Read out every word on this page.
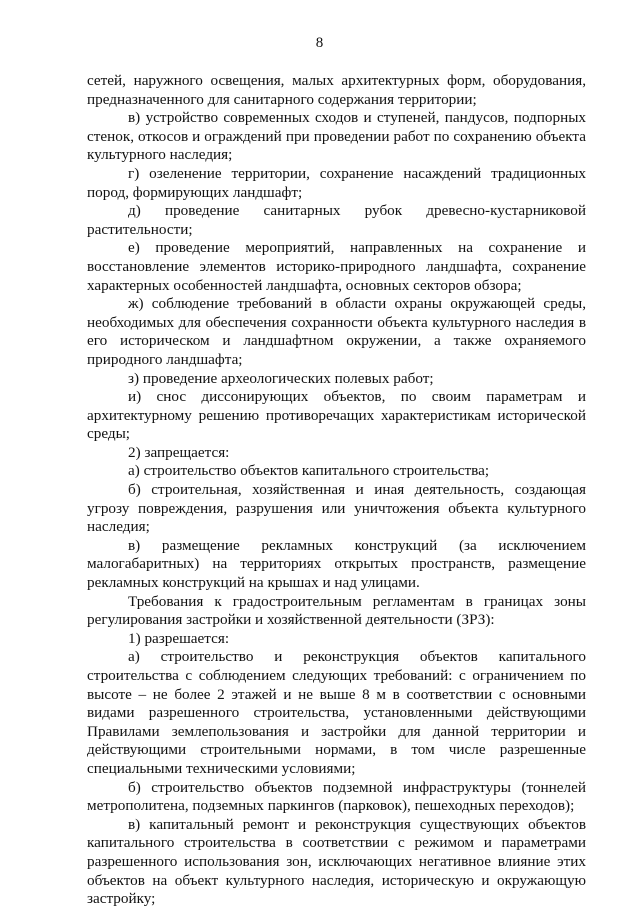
8

сетей, наружного освещения, малых архитектурных форм, оборудования, предназначенного для санитарного содержания территории;

в) устройство современных сходов и ступеней, пандусов, подпорных стенок, откосов и ограждений при проведении работ по сохранению объекта культурного наследия;

г) озеленение территории, сохранение насаждений традиционных пород, формирующих ландшафт;

д) проведение санитарных рубок древесно-кустарниковой растительности;

е) проведение мероприятий, направленных на сохранение и восстановление элементов историко-природного ландшафта, сохранение характерных особенностей ландшафта, основных секторов обзора;

ж) соблюдение требований в области охраны окружающей среды, необходимых для обеспечения сохранности объекта культурного наследия в его историческом и ландшафтном окружении, а также охраняемого природного ландшафта;

з) проведение археологических полевых работ;

и) снос диссонирующих объектов, по своим параметрам и архитектурному решению противоречащих характеристикам исторической среды;

2) запрещается:

а) строительство объектов капитального строительства;

б) строительная, хозяйственная и иная деятельность, создающая угрозу повреждения, разрушения или уничтожения объекта культурного наследия;

в) размещение рекламных конструкций (за исключением малогабаритных) на территориях открытых пространств, размещение рекламных конструкций на крышах и над улицами.

Требования к градостроительным регламентам в границах зоны регулирования застройки и хозяйственной деятельности (ЗРЗ):

1) разрешается:

а) строительство и реконструкция объектов капитального строительства с соблюдением следующих требований: с ограничением по высоте – не более 2 этажей и не выше 8 м в соответствии с основными видами разрешенного строительства, установленными действующими Правилами землепользования и застройки для данной территории и действующими строительными нормами, в том числе разрешенные специальными техническими условиями;

б) строительство объектов подземной инфраструктуры (тоннелей метрополитена, подземных паркингов (парковок), пешеходных переходов);

в) капитальный ремонт и реконструкция существующих объектов капитального строительства в соответствии с режимом и параметрами разрешенного использования зон, исключающих негативное влияние этих объектов на объект культурного наследия, историческую и окружающую застройку;
